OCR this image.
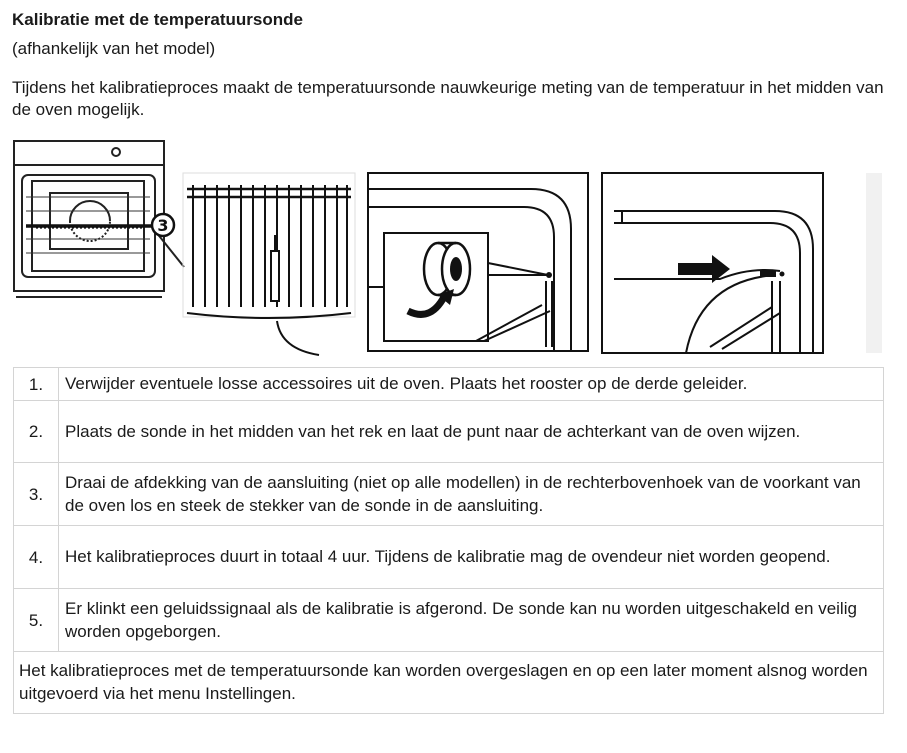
Kalibratie met de temperatuursonde
(afhankelijk van het model)
Tijdens het kalibratieproces maakt de temperatuursonde nauwkeurige meting van de temperatuur in het midden van de oven mogelijk.
3
1.	Verwijder eventuele losse accessoires uit de oven. Plaats het rooster op de derde geleider.
2.	Plaats de sonde in het midden van het rek en laat de punt naar de achterkant van de oven wijzen.
3.	Draai de afdekking van de aansluiting (niet op alle modellen) in de rechterbovenhoek van de voorkant van de oven los en steek de stekker van de sonde in de aansluiting.
4.	Het kalibratieproces duurt in totaal 4 uur. Tijdens de kalibratie mag de ovendeur niet worden geopend.
5.	Er klinkt een geluidssignaal als de kalibratie is afgerond. De sonde kan nu worden uitgeschakeld en veilig worden opgeborgen.
Het kalibratieproces met de temperatuursonde kan worden overgeslagen en op een later moment alsnog worden uitgevoerd via het menu Instellingen.	
